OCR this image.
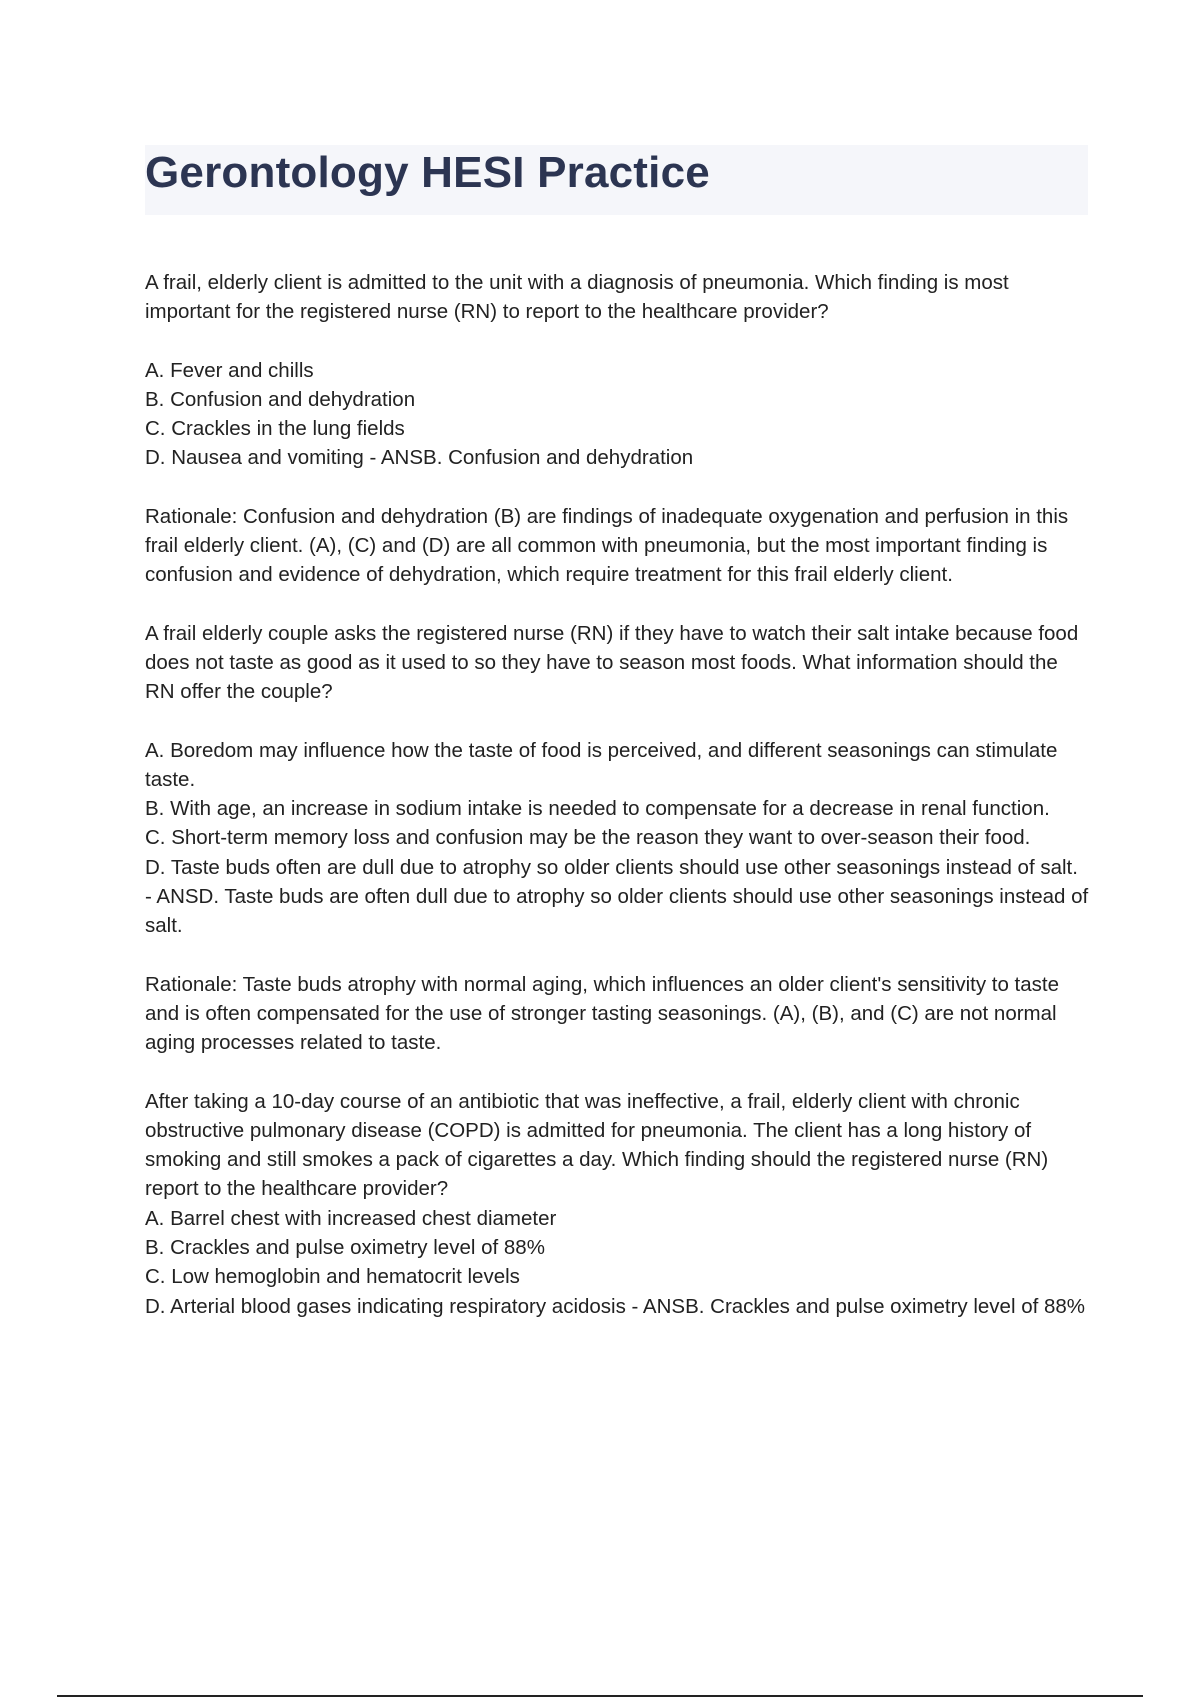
Gerontology HESI Practice

A frail, elderly client is admitted to the unit with a diagnosis of pneumonia. Which finding is most important for the registered nurse (RN) to report to the healthcare provider?

A. Fever and chills
B. Confusion and dehydration
C. Crackles in the lung fields
D. Nausea and vomiting - ANSB. Confusion and dehydration

Rationale: Confusion and dehydration (B) are findings of inadequate oxygenation and perfusion in this frail elderly client. (A), (C) and (D) are all common with pneumonia, but the most important finding is confusion and evidence of dehydration, which require treatment for this frail elderly client.

A frail elderly couple asks the registered nurse (RN) if they have to watch their salt intake because food does not taste as good as it used to so they have to season most foods. What information should the RN offer the couple?

A. Boredom may influence how the taste of food is perceived, and different seasonings can stimulate taste.
B. With age, an increase in sodium intake is needed to compensate for a decrease in renal function.
C. Short-term memory loss and confusion may be the reason they want to over-season their food.
D. Taste buds often are dull due to atrophy so older clients should use other seasonings instead of salt. - ANSD. Taste buds are often dull due to atrophy so older clients should use other seasonings instead of salt.

Rationale: Taste buds atrophy with normal aging, which influences an older client's sensitivity to taste and is often compensated for the use of stronger tasting seasonings. (A), (B), and (C) are not normal aging processes related to taste.

After taking a 10-day course of an antibiotic that was ineffective, a frail, elderly client with chronic obstructive pulmonary disease (COPD) is admitted for pneumonia. The client has a long history of smoking and still smokes a pack of cigarettes a day. Which finding should the registered nurse (RN) report to the healthcare provider?

A. Barrel chest with increased chest diameter
B. Crackles and pulse oximetry level of 88%
C. Low hemoglobin and hematocrit levels
D. Arterial blood gases indicating respiratory acidosis - ANSB. Crackles and pulse oximetry level of 88%
